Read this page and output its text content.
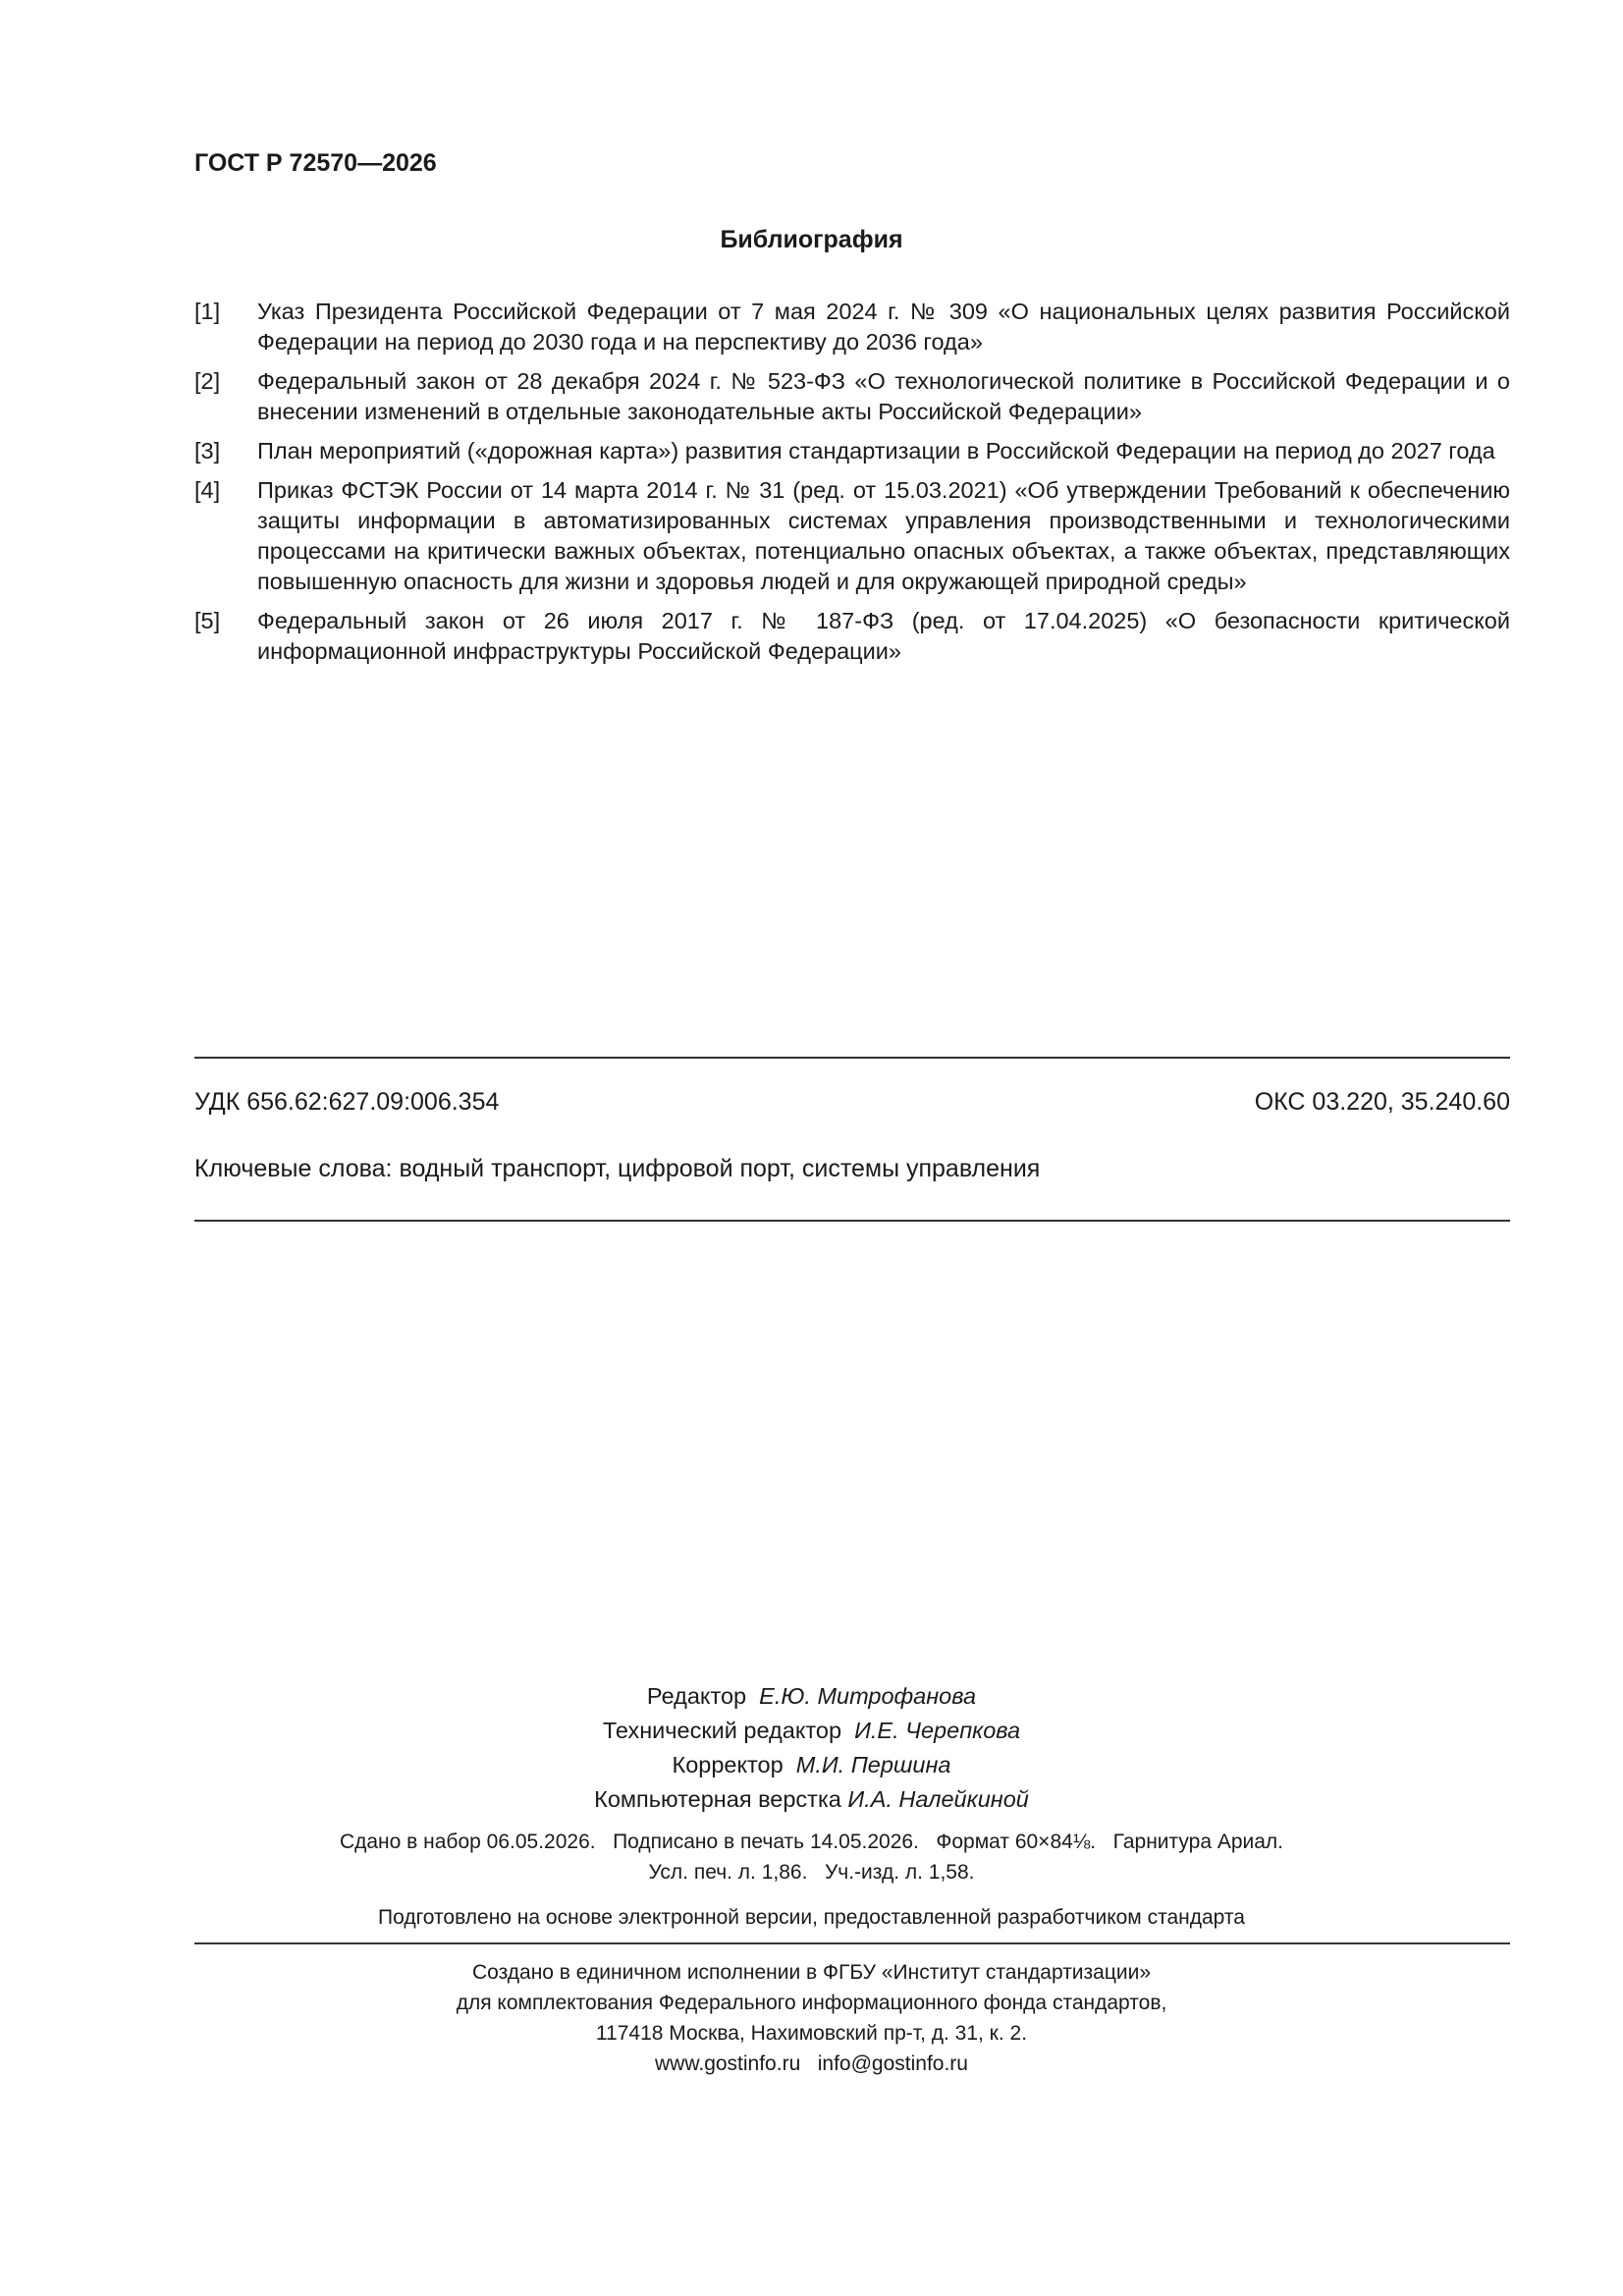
ГОСТ Р 72570—2026
Библиография
[1]	Указ Президента Российской Федерации от 7 мая 2024 г. № 309 «О национальных целях развития Российской Федерации на период до 2030 года и на перспективу до 2036 года»
[2]	Федеральный закон от 28 декабря 2024 г. № 523-ФЗ «О технологической политике в Российской Федерации и о внесении изменений в отдельные законодательные акты Российской Федерации»
[3]	План мероприятий («дорожная карта») развития стандартизации в Российской Федерации на период до 2027 года
[4]	Приказ ФСТЭК России от 14 марта 2014 г. № 31 (ред. от 15.03.2021) «Об утверждении Требований к обеспечению защиты информации в автоматизированных системах управления производственными и технологическими процессами на критически важных объектах, потенциально опасных объектах, а также объектах, представляющих повышенную опасность для жизни и здоровья людей и для окружающей природной среды»
[5]	Федеральный закон от 26 июля 2017 г. № 187-ФЗ (ред. от 17.04.2025) «О безопасности критической информационной инфраструктуры Российской Федерации»
УДК 656.62:627.09:006.354	ОКС 03.220, 35.240.60
Ключевые слова: водный транспорт, цифровой порт, системы управления
Редактор Е.Ю. Митрофанова
Технический редактор И.Е. Черепкова
Корректор М.И. Першина
Компьютерная верстка И.А. Налейкиной
Сдано в набор 06.05.2026.   Подписано в печать 14.05.2026.   Формат 60×84⅛.   Гарнитура Ариал.
Усл. печ. л. 1,86.   Уч.-изд. л. 1,58.
Подготовлено на основе электронной версии, предоставленной разработчиком стандарта
Создано в единичном исполнении в ФГБУ «Институт стандартизации»
для комплектования Федерального информационного фонда стандартов,
117418 Москва, Нахимовский пр-т, д. 31, к. 2.
www.gostinfo.ru   info@gostinfo.ru
